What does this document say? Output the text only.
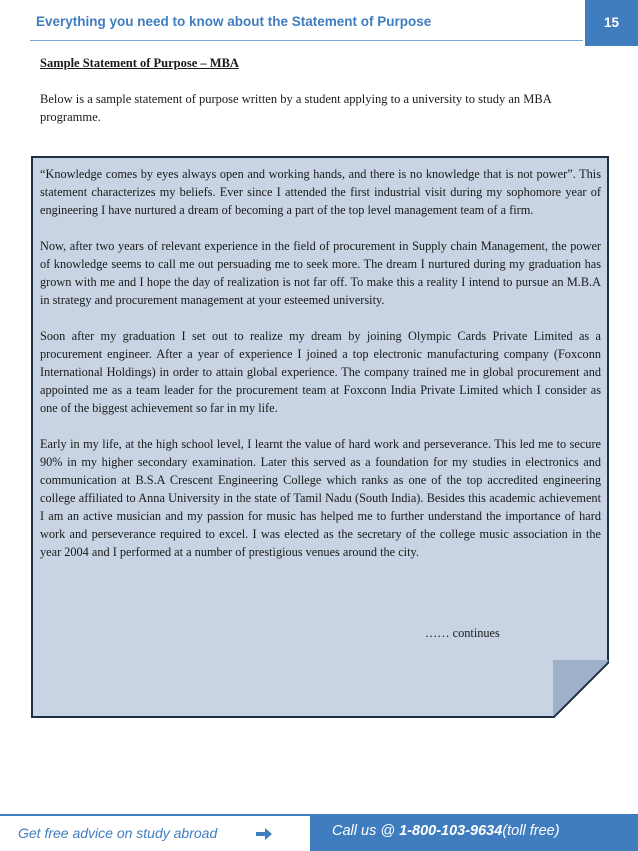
Everything you need to know about the Statement of Purpose	15
Sample Statement of Purpose – MBA
Below is a sample statement of purpose written by a student applying to a university to study an MBA programme.

“Knowledge comes by eyes always open and working hands, and there is no knowledge that is not power”. This statement characterizes my beliefs. Ever since I attended the first industrial visit during my sophomore year of engineering I have nurtured a dream of becoming a part of the top level management team of a firm.

Now, after two years of relevant experience in the field of procurement in Supply chain Management, the power of knowledge seems to call me out persuading me to seek more. The dream I nurtured during my graduation has grown with me and I hope the day of realization is not far off. To make this a reality I intend to pursue an M.B.A in strategy and procurement management at your esteemed university.

Soon after my graduation I set out to realize my dream by joining Olympic Cards Private Limited as a procurement engineer. After a year of experience I joined a top electronic manufacturing company (Foxconn International Holdings) in order to attain global experience. The company trained me in global procurement and appointed me as a team leader for the procurement team at Foxconn India Private Limited which I consider as one of the biggest achievement so far in my life.

Early in my life, at the high school level, I learnt the value of hard work and perseverance. This led me to secure 90% in my higher secondary examination. Later this served as a foundation for my studies in electronics and communication at B.S.A Crescent Engineering College which ranks as one of the top accredited engineering college affiliated to Anna University in the state of Tamil Nadu (South India). Besides this academic achievement I am an active musician and my passion for music has helped me to further understand the importance of hard work and perseverance required to excel. I was elected as the secretary of the college music association in the year 2004 and I performed at a number of prestigious venues around the city.

…… continues
Get free advice on study abroad	Call us @ 1-800-103-9634(toll free)
